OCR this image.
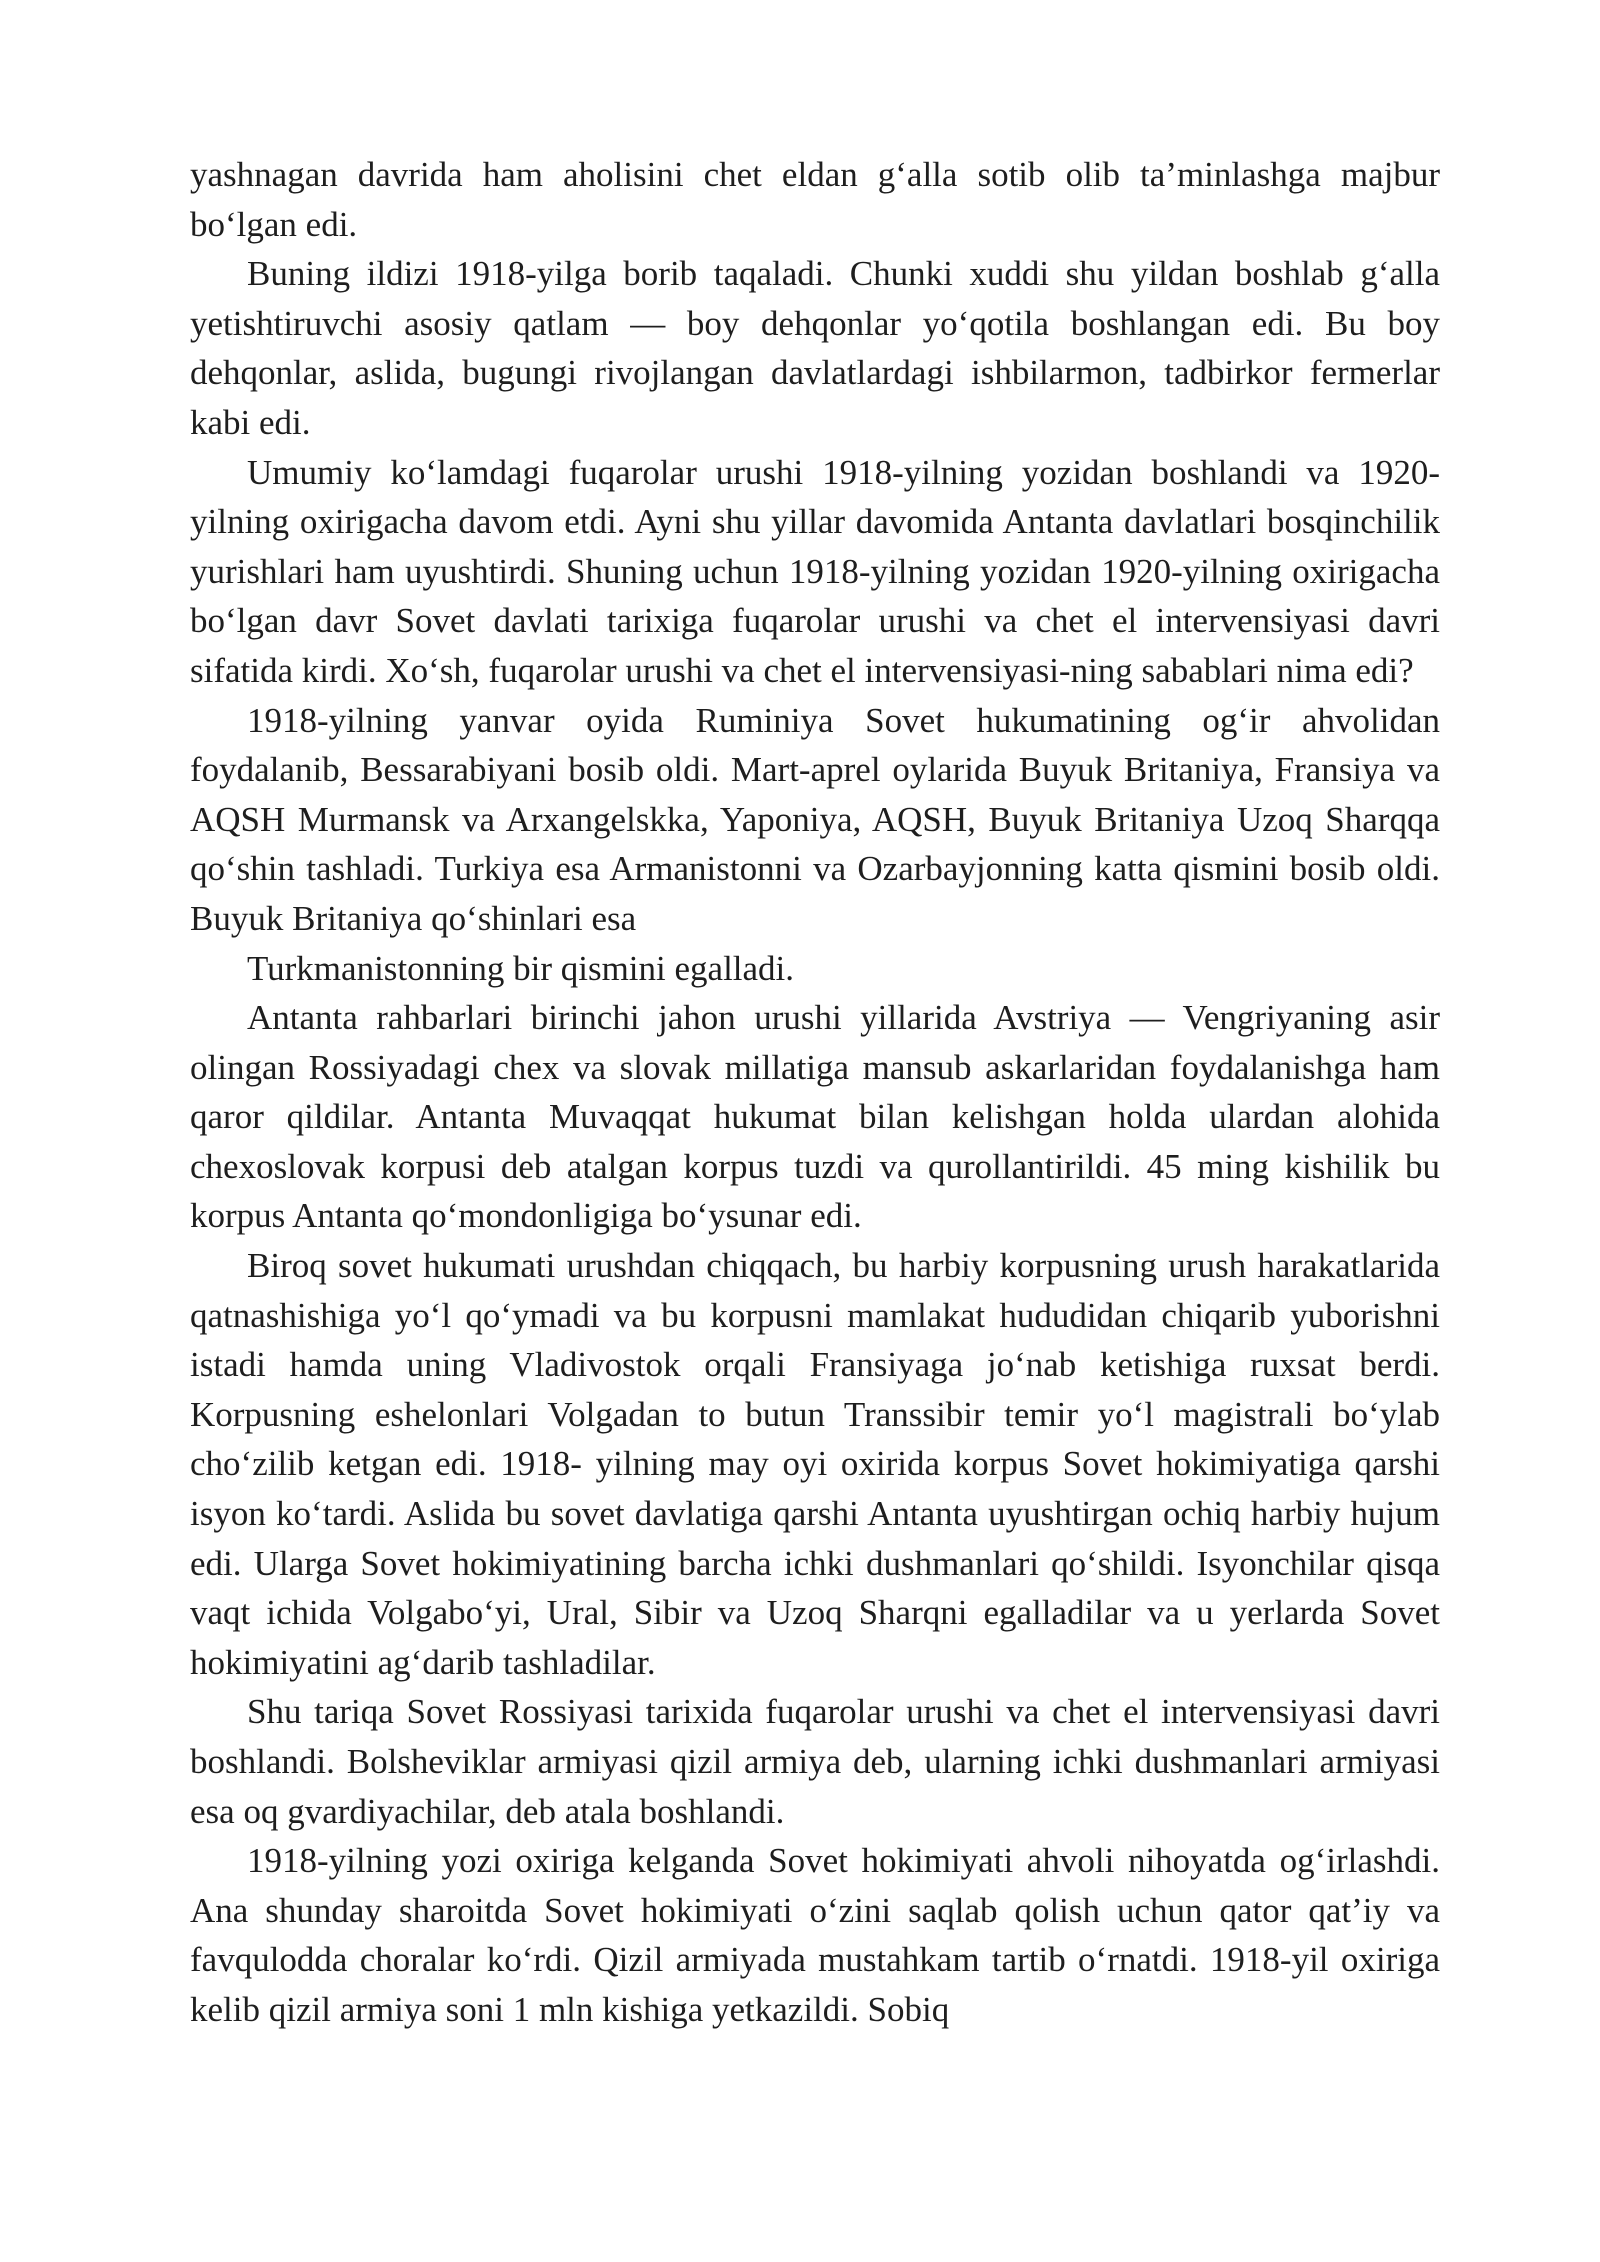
yashnagan davrida ham aholisini chet eldan g‘alla sotib olib ta’minlashga majbur bo‘lgan edi.

Buning ildizi 1918-yilga borib taqaladi. Chunki xuddi shu yildan boshlab g‘alla yetishtiruvchi asosiy qatlam — boy dehqonlar yo‘qotila boshlangan edi. Bu boy dehqonlar, aslida, bugungi rivojlangan davlatlardagi ishbilarmon, tadbirkor fermerlar kabi edi.

Umumiy ko‘lamdagi fuqarolar urushi 1918-yilning yozidan boshlandi va 1920-yilning oxirigacha davom etdi. Ayni shu yillar davomida Antanta davlatlari bosqinchilik yurishlari ham uyushtirdi. Shuning uchun 1918-yilning yozidan 1920-yilning oxirigacha bo‘lgan davr Sovet davlati tarixiga fuqarolar urushi va chet el intervensiyasi davri sifatida kirdi. Xo‘sh, fuqarolar urushi va chet el intervensiyasi-ning sabablari nima edi?

1918-yilning yanvar oyida Ruminiya Sovet hukumatining og‘ir ahvolidan foydalanib, Bessarabiyani bosib oldi. Mart-aprel oylarida Buyuk Britaniya, Fransiya va AQSH Murmansk va Arxangelskka, Yaponiya, AQSH, Buyuk Britaniya Uzoq Sharqqa qo‘shin tashladi. Turkiya esa Armanistonni va Ozarbayjonning katta qismini bosib oldi. Buyuk Britaniya qo‘shinlari esa

Turkmanistonning bir qismini egalladi.

Antanta rahbarlari birinchi jahon urushi yillarida Avstriya — Vengriyaning asir olingan Rossiyadagi chex va slovak millatiga mansub askarlaridan foydalanishga ham qaror qildilar. Antanta Muvaqqat hukumat bilan kelishgan holda ulardan alohida chexoslovak korpusi deb atalgan korpus tuzdi va qurollantirildi. 45 ming kishilik bu korpus Antanta qo‘mondonligiga bo‘ysunar edi.

Biroq sovet hukumati urushdan chiqqach, bu harbiy korpusning urush harakatlarida qatnashishiga yo‘l qo‘ymadi va bu korpusni mamlakat hududidan chiqarib yuborishni istadi hamda uning Vladivostok orqali Fransiyaga jo‘nab ketishiga ruxsat berdi. Korpusning eshelonlari Volgadan to butun Transsibir temir yo‘l magistrali bo‘ylab cho‘zilib ketgan edi. 1918- yilning may oyi oxirida korpus Sovet hokimiyatiga qarshi isyon ko‘tardi. Aslida bu sovet davlatiga qarshi Antanta uyushtirgan ochiq harbiy hujum edi. Ularga Sovet hokimiyatining barcha ichki dushmanlari qo‘shildi. Isyonchilar qisqa vaqt ichida Volgabo‘yi, Ural, Sibir va Uzoq Sharqni egalladilar va u yerlarda Sovet hokimiyatini ag‘darib tashladilar.

Shu tariqa Sovet Rossiyasi tarixida fuqarolar urushi va chet el intervensiyasi davri boshlandi. Bolsheviklar armiyasi qizil armiya deb, ularning ichki dushmanlari armiyasi esa oq gvardiyachilar, deb atala boshlandi.

1918-yilning yozi oxiriga kelganda Sovet hokimiyati ahvoli nihoyatda og‘irlashdi. Ana shunday sharoitda Sovet hokimiyati o‘zini saqlab qolish uchun qator qat’iy va favqulodda choralar ko‘rdi. Qizil armiyada mustahkam tartib o‘rnatdi. 1918-yil oxiriga kelib qizil armiya soni 1 mln kishiga yetkazildi. Sobiq
